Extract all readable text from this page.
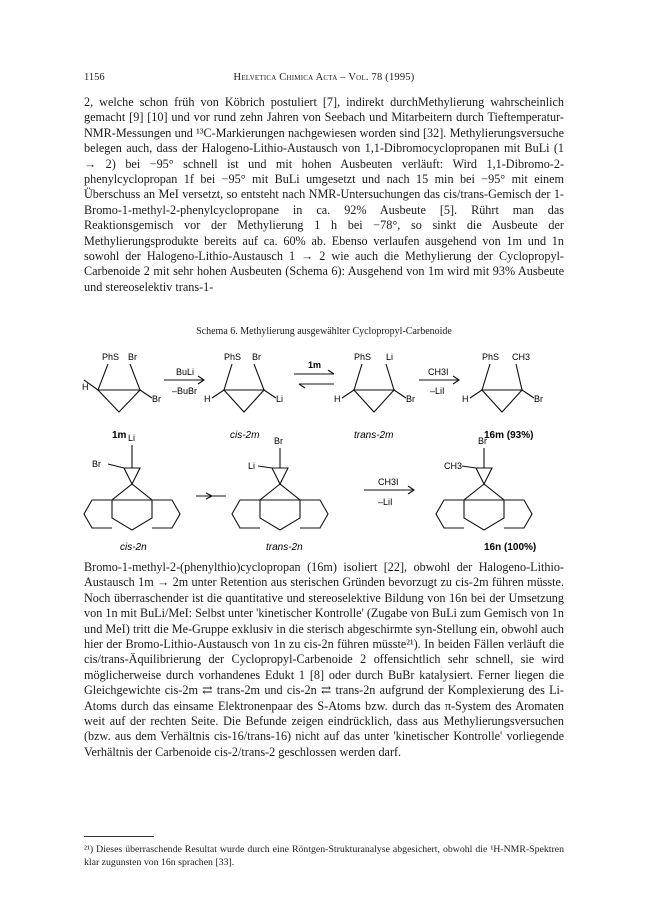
1156	Helvetica Chimica Acta – Vol. 78 (1995)

2, welche schon früh von Köbrich postuliert [7], indirekt durchMethylierung wahrscheinlich gemacht [9] [10] und vor rund zehn Jahren von Seebach und Mitarbeitern durch Tieftemperatur-NMR-Messungen und ¹³C-Markierungen nachgewiesen worden sind [32]. Methylierungsversuche belegen auch, dass der Halogeno-Lithio-Austausch von 1,1-Dibromocyclopropanen mit BuLi (1 → 2) bei −95° schnell ist und mit hohen Ausbeuten verläuft: Wird 1,1-Dibromo-2-phenylcyclopropan 1f bei −95° mit BuLi umgesetzt und nach 15 min bei −95° mit einem Überschuss an MeI versetzt, so entsteht nach NMR-Untersuchungen das cis/trans-Gemisch der 1-Bromo-1-methyl-2-phenylcyclopropane in ca. 92% Ausbeute [5]. Rührt man das Reaktionsgemisch vor der Methylierung 1 h bei −78°, so sinkt die Ausbeute der Methylierungsprodukte bereits auf ca. 60% ab. Ebenso verlaufen ausgehend von 1m und 1n sowohl der Halogeno-Lithio-Austausch 1 → 2 wie auch die Methylierung der Cyclopropyl-Carbenoide 2 mit sehr hohen Ausbeuten (Schema 6): Ausgehend von 1m wird mit 93% Ausbeute und stereoselektiv trans-1-

Schema 6. Methylierung ausgewählter Cyclopropyl-Carbenoide
PhS Br
H
Br
PhS Br
H	Li
PhS Li
H	Br
PhS CH3
H	Br
BuLi
–BuBr
1m
CH3I
–LiI
1m	cis-2m	trans-2m	16m (93%)
Li
Br
Br
Li
Br
CH3
CH3I
–LiI
cis-2n	trans-2n	16n (100%)

Bromo-1-methyl-2-(phenylthio)cyclopropan (16m) isoliert [22], obwohl der Halogeno-Lithio-Austausch 1m → 2m unter Retention aus sterischen Gründen bevorzugt zu cis-2m führen müsste. Noch überraschender ist die quantitative und stereoselektive Bildung von 16n bei der Umsetzung von 1n mit BuLi/MeI: Selbst unter 'kinetischer Kontrolle' (Zugabe von BuLi zum Gemisch von 1n und MeI) tritt die Me-Gruppe exklusiv in die sterisch abgeschirmte syn-Stellung ein, obwohl auch hier der Bromo-Lithio-Austausch von 1n zu cis-2n führen müsste²¹). In beiden Fällen verläuft die cis/trans-Äquilibrierung der Cyclopropyl-Carbenoide 2 offensichtlich sehr schnell, sie wird möglicherweise durch vorhandenes Edukt 1 [8] oder durch BuBr katalysiert. Ferner liegen die Gleichgewichte cis-2m ⇄ trans-2m und cis-2n ⇄ trans-2n aufgrund der Komplexierung des Li-Atoms durch das einsame Elektronenpaar des S-Atoms bzw. durch das π-System des Aromaten weit auf der rechten Seite. Die Befunde zeigen eindrücklich, dass aus Methylierungsversuchen (bzw. aus dem Verhältnis cis-16/trans-16) nicht auf das unter 'kinetischer Kontrolle' vorliegende Verhältnis der Carbenoide cis-2/trans-2 geschlossen werden darf.

²¹) Dieses überraschende Resultat wurde durch eine Röntgen-Strukturanalyse abgesichert, obwohl die ¹H-NMR-Spektren klar zugunsten von 16n sprachen [33].
